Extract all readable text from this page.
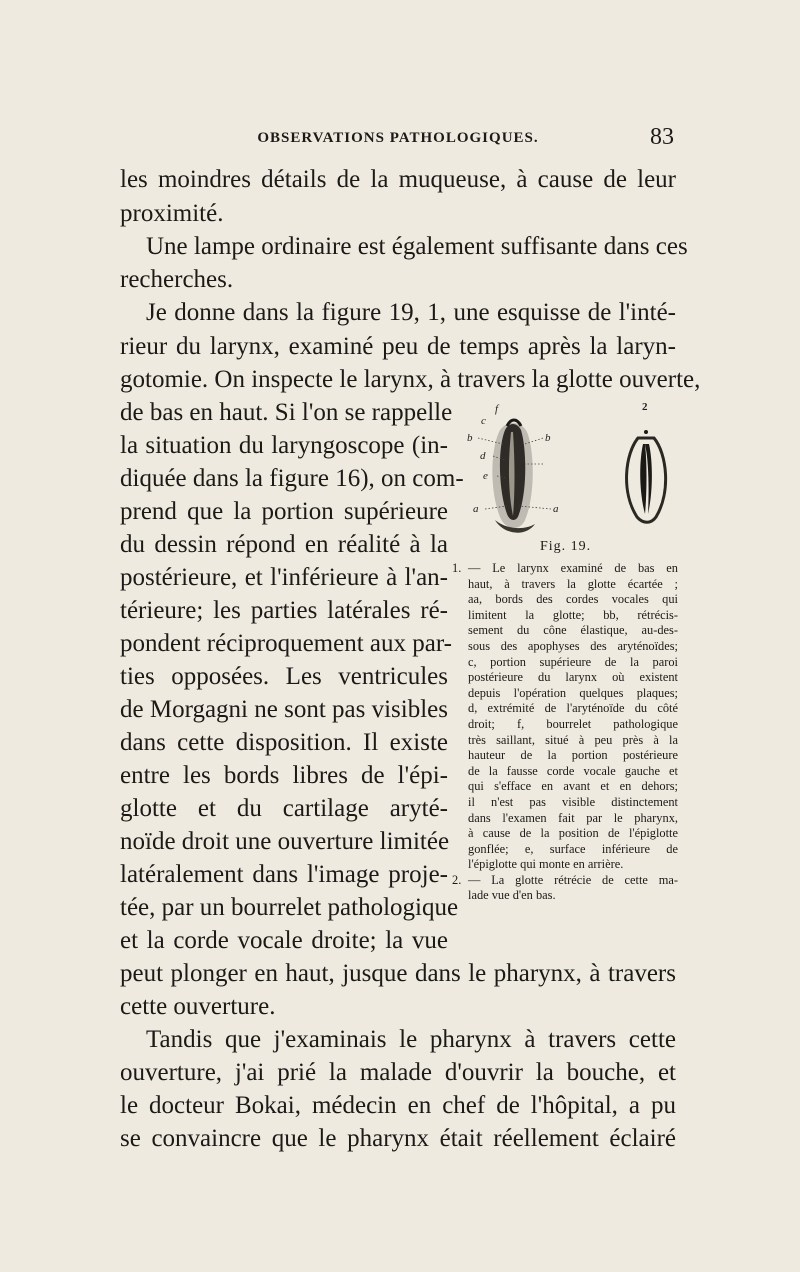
OBSERVATIONS PATHOLOGIQUES.	83
les moindres détails de la muqueuse, à cause de leur
proximité.
Une lampe ordinaire est également suffisante dans ces
recherches.
Je donne dans la figure 19, 1, une esquisse de l'inté-
rieur du larynx, examiné peu de temps après la laryn-
gotomie. On inspecte le larynx, à travers la glotte ouverte,
de bas en haut. Si l'on se rappelle
la situation du laryngoscope (in-
diquée dans la figure 16), on com-
prend que la portion supérieure
du dessin répond en réalité à la
postérieure, et l'inférieure à l'an-
térieure; les parties latérales ré-
pondent réciproquement aux par-
ties opposées. Les ventricules
de Morgagni ne sont pas visibles
dans cette disposition. Il existe
entre les bords libres de l'épi-
glotte et du cartilage aryté-
noïde droit une ouverture limitée
latéralement dans l'image proje-
tée, par un bourrelet pathologique
et la corde vocale droite; la vue
peut plonger en haut, jusque dans le pharynx, à travers
cette ouverture.
Tandis que j'examinais le pharynx à travers cette
ouverture, j'ai prié la malade d'ouvrir la bouche, et
le docteur Bokai, médecin en chef de l'hôpital, a pu
se convaincre que le pharynx était réellement éclairé
c
f	2
b	b
d
e
a	a
Fig. 19.
1. — Le larynx examiné de bas en
haut, à travers la glotte écartée ;
aa, bords des cordes vocales qui
limitent la glotte; bb, rétrécis-
sement du cône élastique, au-des-
sous des apophyses des aryténoïdes;
c, portion supérieure de la paroi
postérieure du larynx où existent
depuis l'opération quelques plaques;
d, extrémité de l'aryténoïde du côté
droit; f, bourrelet pathologique
très saillant, situé à peu près à la
hauteur de la portion postérieure
de la fausse corde vocale gauche et
qui s'efface en avant et en dehors;
il n'est pas visible distinctement
dans l'examen fait par le pharynx,
à cause de la position de l'épiglotte
gonflée; e, surface inférieure de
l'épiglotte qui monte en arrière.
2. — La glotte rétrécie de cette ma-
lade vue d'en bas.
